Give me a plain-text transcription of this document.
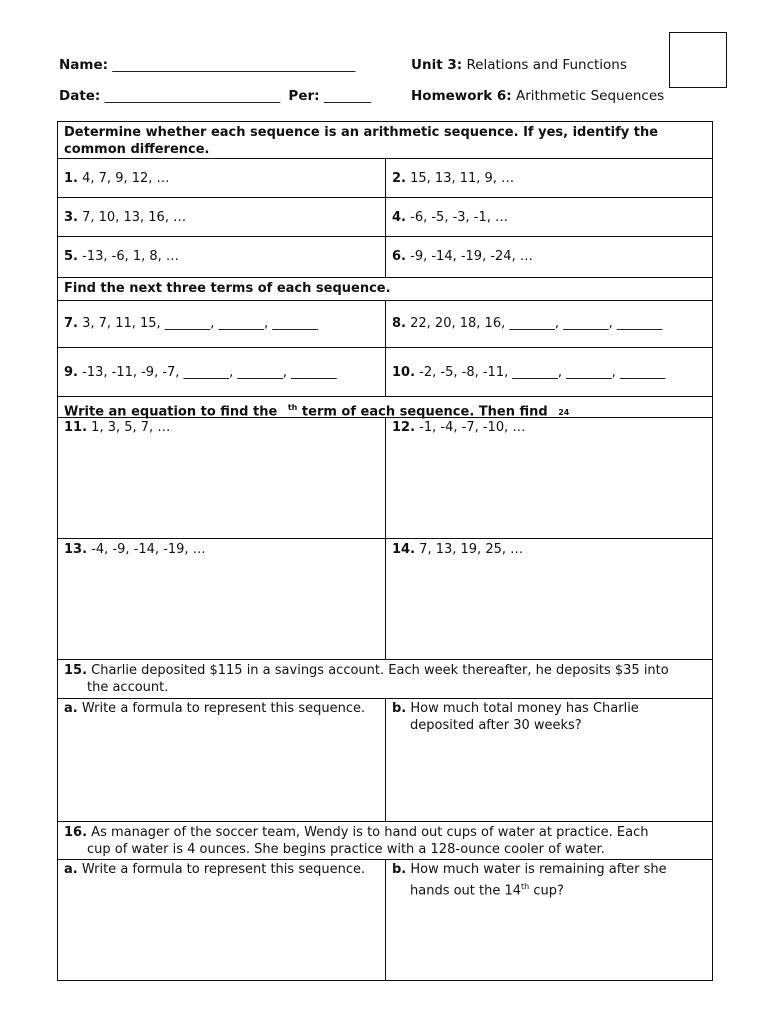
Name: ____________________________________
Date: __________________________ Per: _______
Unit 3: Relations and Functions
Homework 6: Arithmetic Sequences
Determine whether each sequence is an arithmetic sequence. If yes, identify the common difference.
1. 4, 7, 9, 12, …	2. 15, 13, 11, 9, …
3. 7, 10, 13, 16, …	4. -6, -5, -3, -1, …
5. -13, -6, 1, 8, …	6. -9, -14, -19, -24, …
Find the next three terms of each sequence.
7. 3, 7, 11, 15, _______, _______, _______	8. 22, 20, 18, 16, _______, _______, _______
9. -13, -11, -9, -7, _______, _______, _______	10. -2, -5, -8, -11, _______, _______, _______
Write an equation to find the $^{th}$ term of each sequence. Then find 24
11. 1, 3, 5, 7, …	12. -1, -4, -7, -10, …
13. -4, -9, -14, -19, …	14. 7, 13, 19, 25, …
15. Charlie deposited $115 in a savings account. Each week thereafter, he deposits $35 into
the account.
a. Write a formula to represent this sequence.	b. How much total money has Charlie
deposited after 30 weeks?
16. As manager of the soccer team, Wendy is to hand out cups of water at practice. Each
cup of water is 4 ounces. She begins practice with a 128-ounce cooler of water.
a. Write a formula to represent this sequence.	b. How much water is remaining after she
hands out the 14th cup?
